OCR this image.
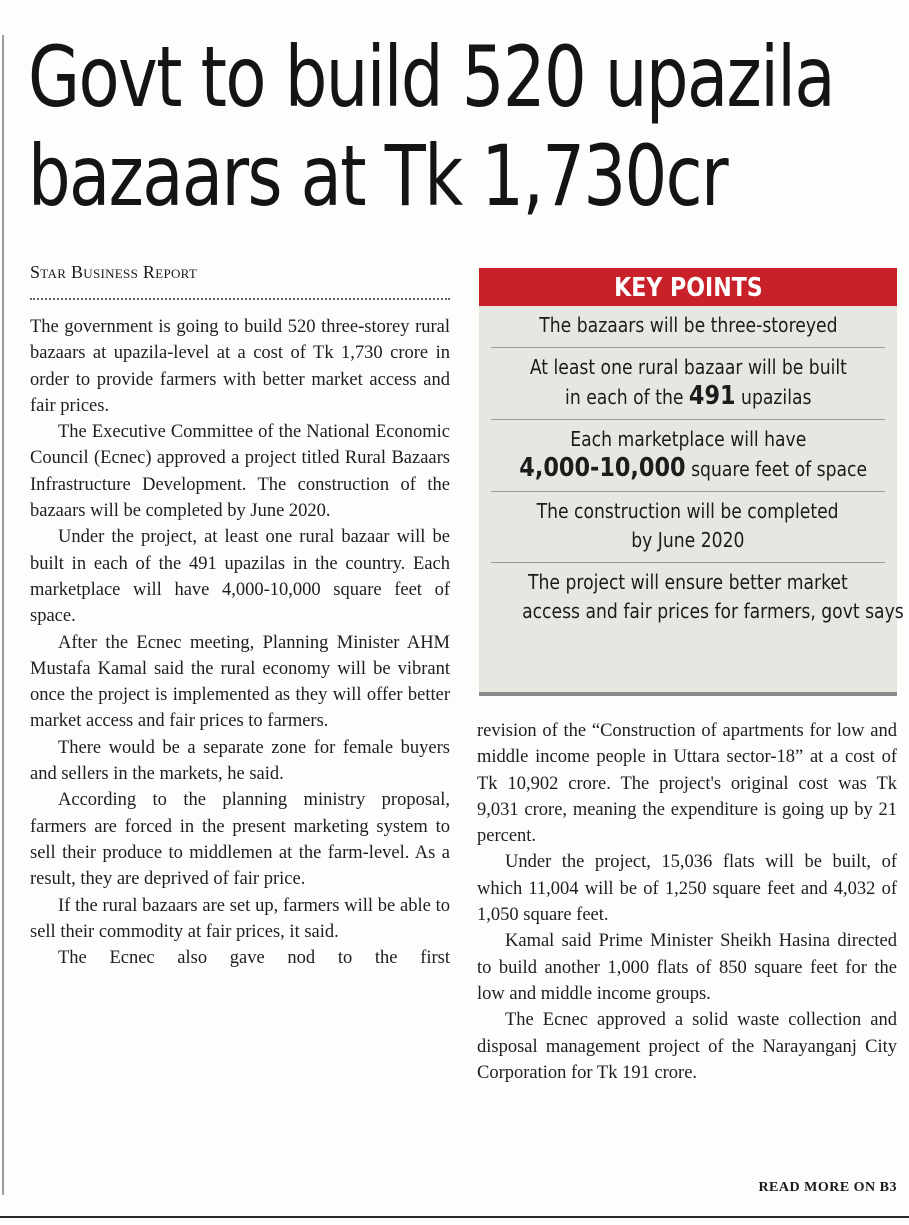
Govt to build 520 upazila
bazaars at Tk 1,730cr
Star Business Report

The government is going to build 520 three-storey rural bazaars at upazila-level at a cost of Tk 1,730 crore in order to provide farmers with better market access and fair prices.

The Executive Committee of the National Economic Council (Ecnec) approved a project titled Rural Bazaars Infrastructure Development. The construction of the bazaars will be completed by June 2020.

Under the project, at least one rural bazaar will be built in each of the 491 upazilas in the country. Each marketplace will have 4,000-10,000 square feet of space.

After the Ecnec meeting, Planning Minister AHM Mustafa Kamal said the rural economy will be vibrant once the project is implemented as they will offer better market access and fair prices to farmers.

There would be a separate zone for female buyers and sellers in the markets, he said.

According to the planning ministry proposal, farmers are forced in the present marketing system to sell their produce to middlemen at the farm-level. As a result, they are deprived of fair price.

If the rural bazaars are set up, farmers will be able to sell their commodity at fair prices, it said.

The Ecnec also gave nod to the first

KEY POINTS
The bazaars will be three-storeyed
At least one rural bazaar will be built
in each of the 491 upazilas
Each marketplace will have
4,000-10,000 square feet of space
The construction will be completed
by June 2020
The project will ensure better market
access and fair prices for farmers, govt says

revision of the “Construction of apartments for low and middle income people in Uttara sector-18” at a cost of Tk 10,902 crore. The project's original cost was Tk 9,031 crore, meaning the expenditure is going up by 21 percent.

Under the project, 15,036 flats will be built, of which 11,004 will be of 1,250 square feet and 4,032 of 1,050 square feet.

Kamal said Prime Minister Sheikh Hasina directed to build another 1,000 flats of 850 square feet for the low and middle income groups.

The Ecnec approved a solid waste collection and disposal management project of the Narayanganj City Corporation for Tk 191 crore.

READ MORE ON B3
